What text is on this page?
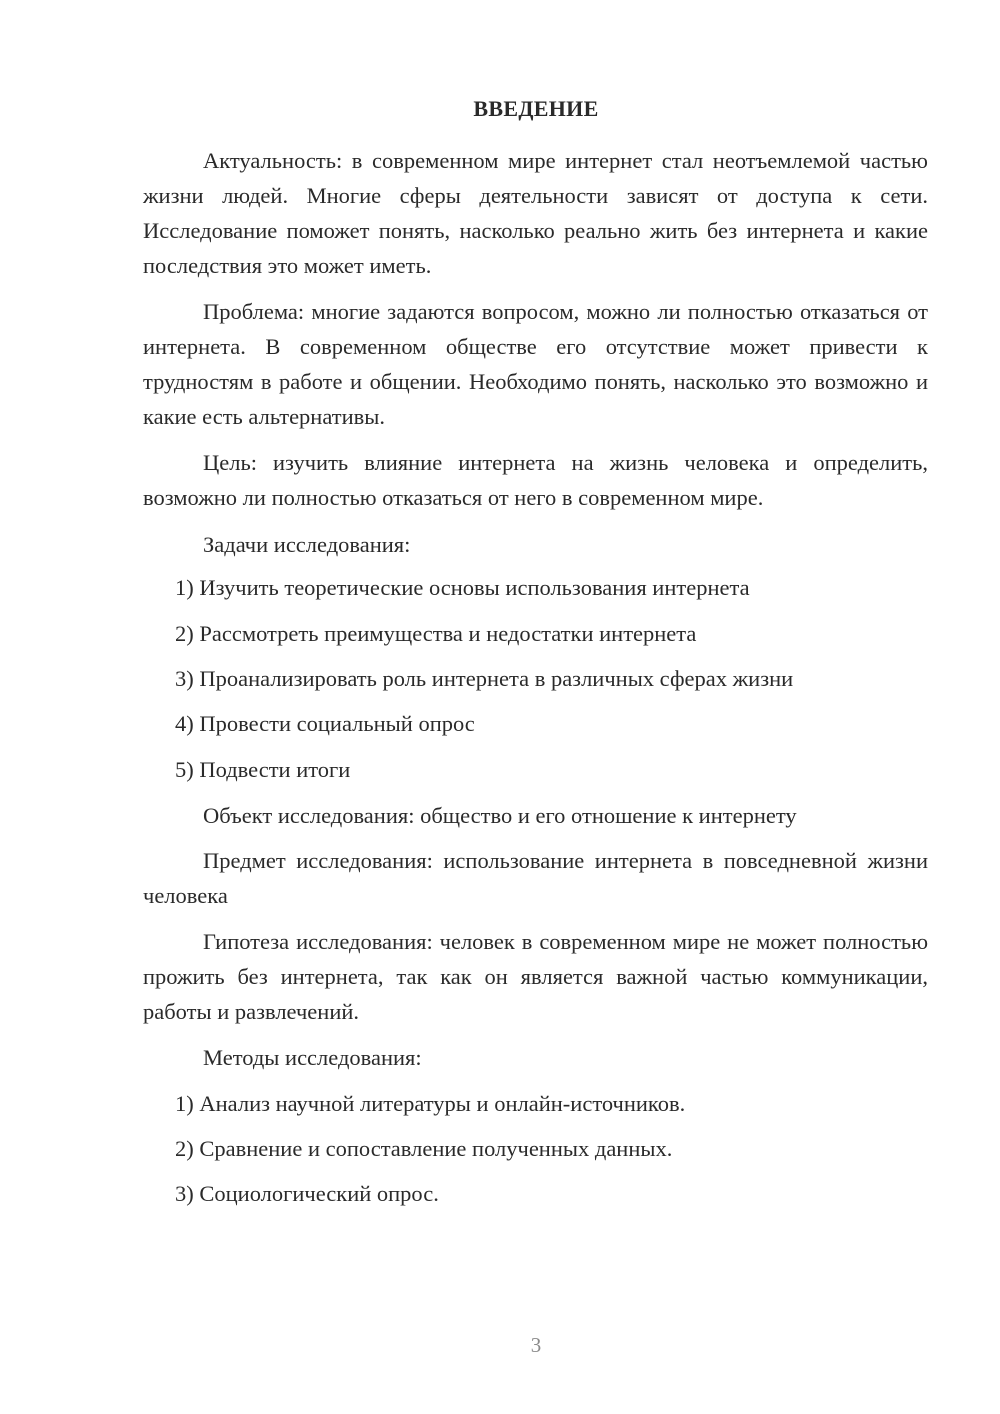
ВВЕДЕНИЕ

Актуальность: в современном мире интернет стал неотъемлемой частью жизни людей. Многие сферы деятельности зависят от доступа к сети. Исследование поможет понять, насколько реально жить без интернета и какие последствия это может иметь.

Проблема: многие задаются вопросом, можно ли полностью отказаться от интернета. В современном обществе его отсутствие может привести к трудностям в работе и общении. Необходимо понять, насколько это возможно и какие есть альтернативы.

Цель: изучить влияние интернета на жизнь человека и определить, возможно ли полностью отказаться от него в современном мире.

Задачи исследования:

1) Изучить теоретические основы использования интернета

2) Рассмотреть преимущества и недостатки интернета

3) Проанализировать роль интернета в различных сферах жизни

4) Провести социальный опрос

5) Подвести итоги

Объект исследования: общество и его отношение к интернету

Предмет исследования: использование интернета в повседневной жизни человека

Гипотеза исследования: человек в современном мире не может полностью прожить без интернета, так как он является важной частью коммуникации, работы и развлечений.

Методы исследования:

1) Анализ научной литературы и онлайн-источников.

2) Сравнение и сопоставление полученных данных.

3) Социологический опрос.

3
